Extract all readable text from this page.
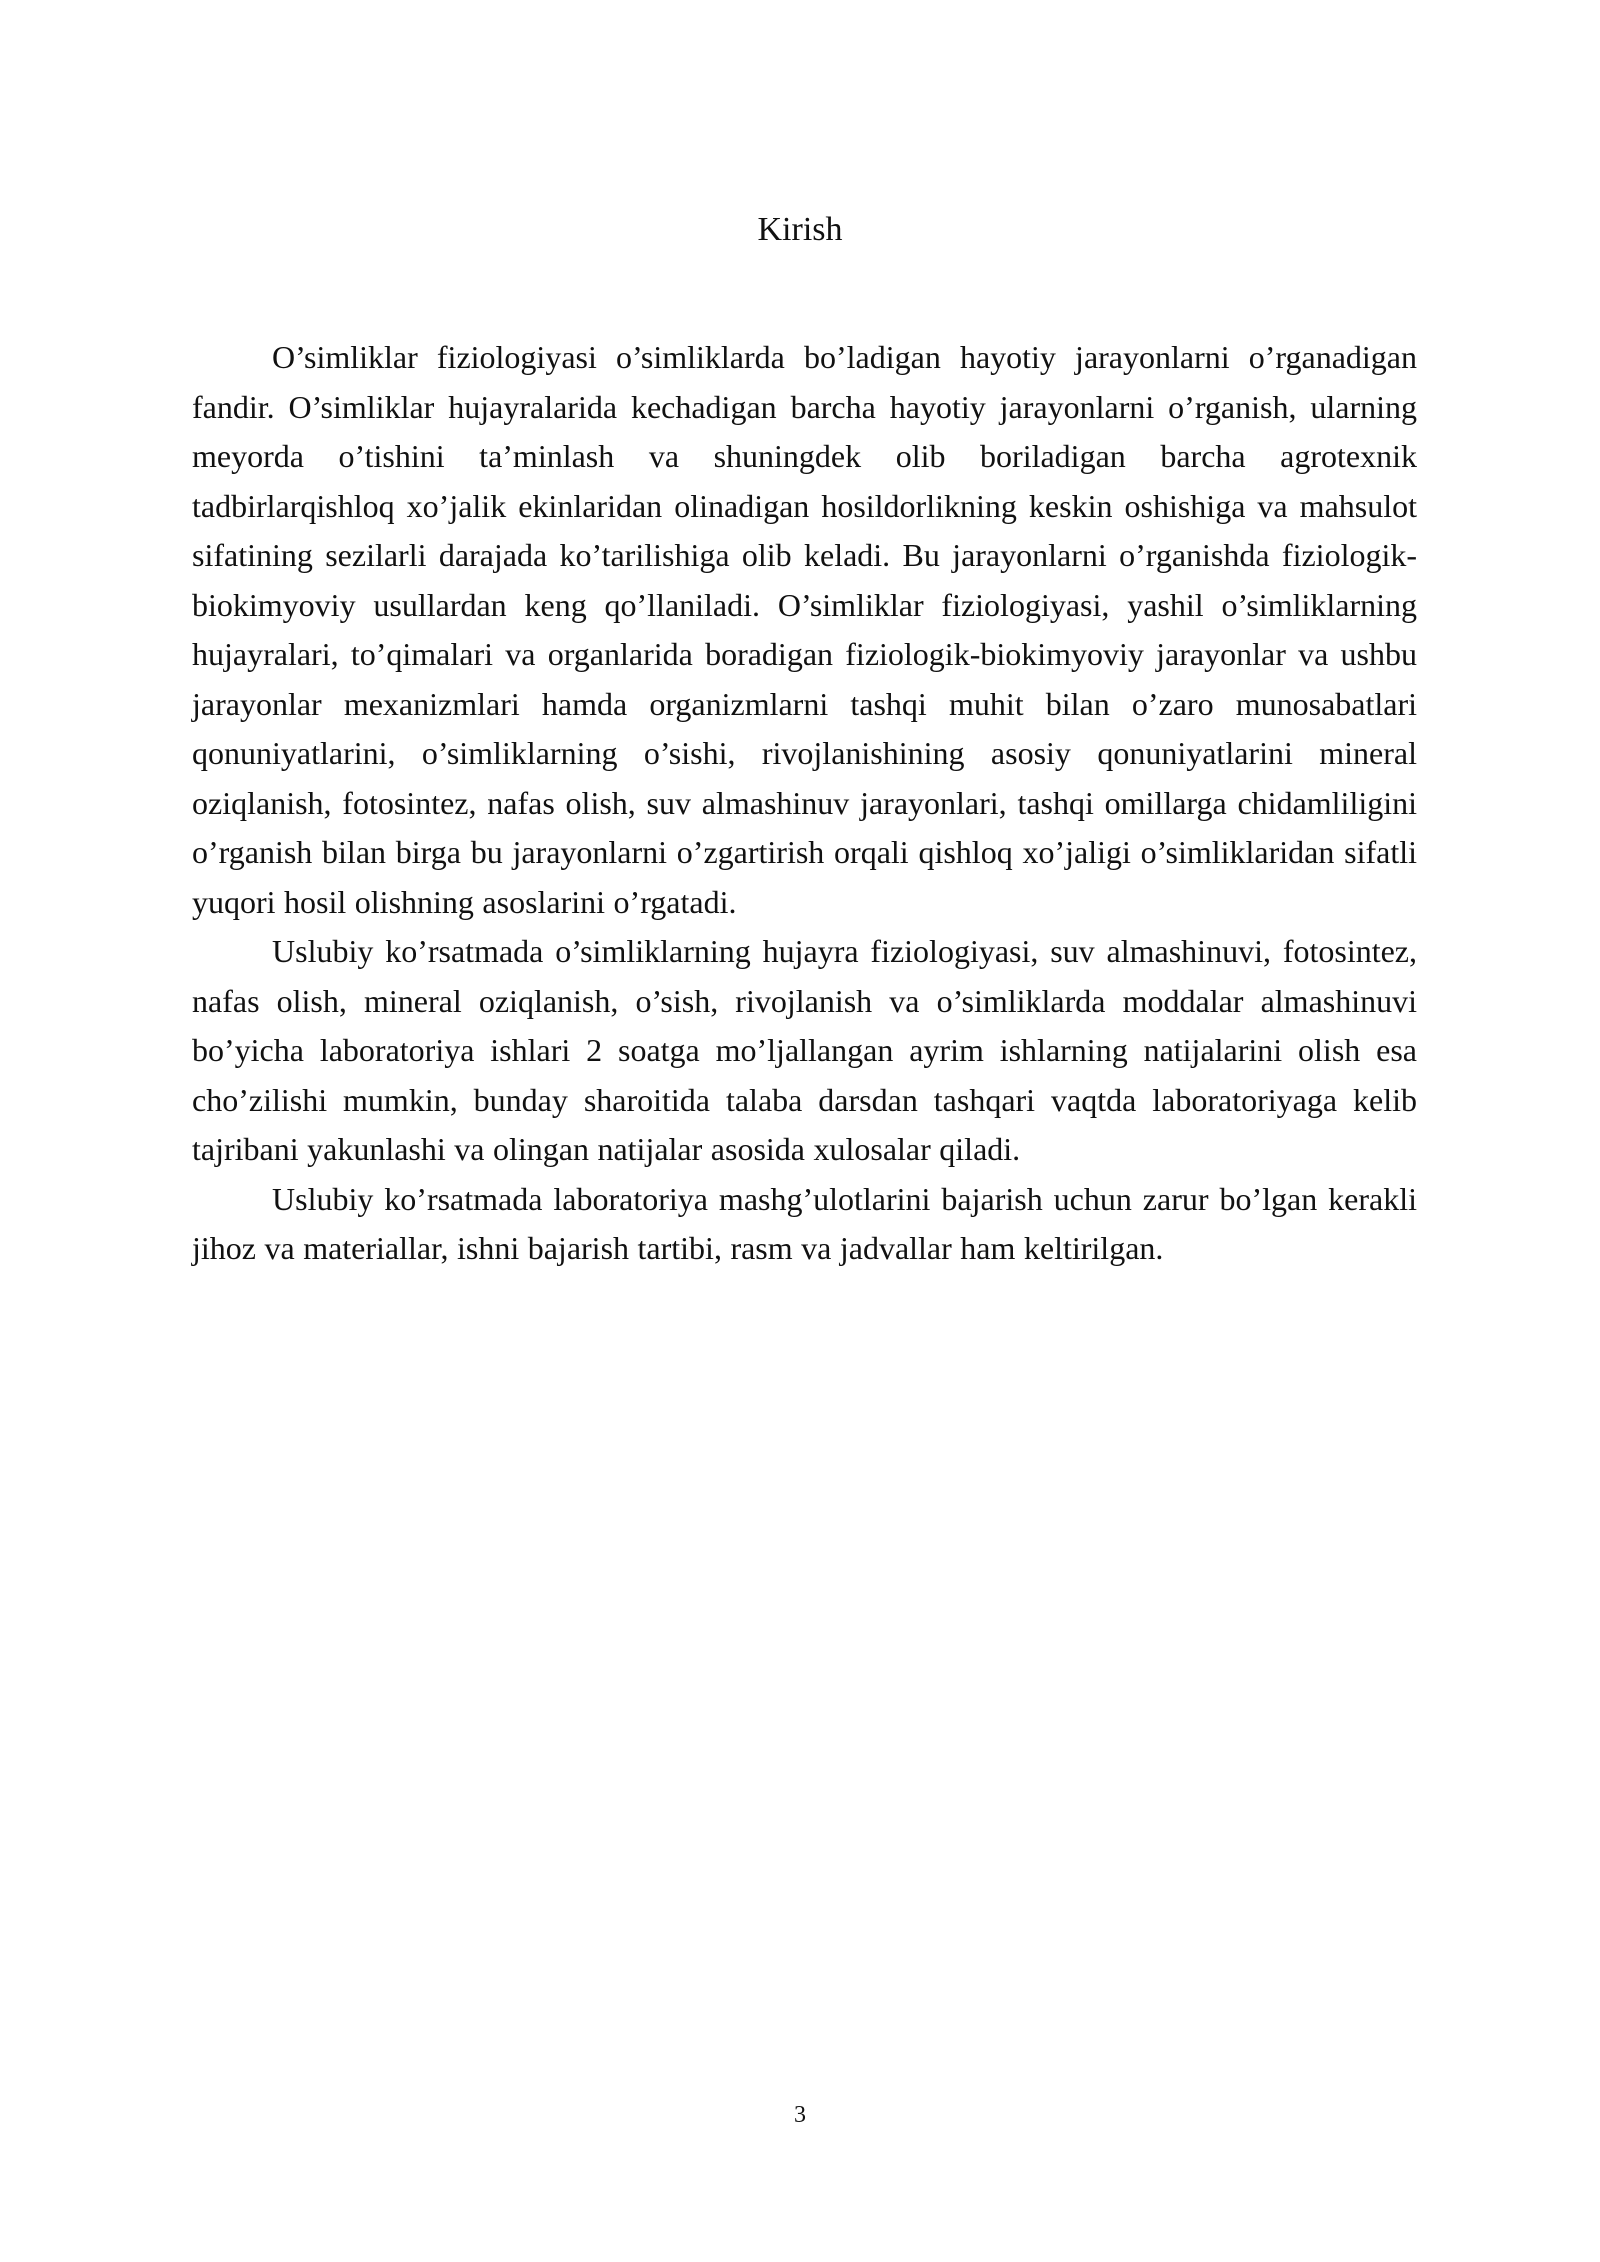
Kirish

O’simliklar fiziologiyasi o’simliklarda bo’ladigan hayotiy jarayonlarni o’rganadigan fandir. O’simliklar hujayralarida kechadigan barcha hayotiy jarayonlarni o’rganish, ularning meyorda o’tishini ta’minlash va shuningdek olib boriladigan barcha agrotexnik tadbirlarqishloq xo’jalik ekinlaridan olinadigan hosildorlikning keskin oshishiga va mahsulot sifatining sezilarli darajada ko’tarilishiga olib keladi. Bu jarayonlarni o’rganishda fiziologik-biokimyoviy usullardan keng qo’llaniladi. O’simliklar fiziologiyasi, yashil o’simliklarning hujayralari, to’qimalari va organlarida boradigan fiziologik-biokimyoviy jarayonlar va ushbu jarayonlar mexanizmlari hamda organizmlarni tashqi muhit bilan o’zaro munosabatlari qonuniyatlarini, o’simliklarning o’sishi, rivojlanishining asosiy qonuniyatlarini mineral oziqlanish, fotosintez, nafas olish, suv almashinuv jarayonlari, tashqi omillarga chidamliligini o’rganish bilan birga bu jarayonlarni o’zgartirish orqali qishloq xo’jaligi o’simliklaridan sifatli yuqori hosil olishning asoslarini o’rgatadi.

Uslubiy ko’rsatmada o’simliklarning hujayra fiziologiyasi, suv almashinuvi, fotosintez, nafas olish, mineral oziqlanish, o’sish, rivojlanish va o’simliklarda moddalar almashinuvi bo’yicha laboratoriya ishlari 2 soatga mo’ljallangan ayrim ishlarning natijalarini olish esa cho’zilishi mumkin, bunday sharoitida talaba darsdan tashqari vaqtda laboratoriyaga kelib tajribani yakunlashi va olingan natijalar asosida xulosalar qiladi.

Uslubiy ko’rsatmada laboratoriya mashg’ulotlarini bajarish uchun zarur bo’lgan kerakli jihoz va materiallar, ishni bajarish tartibi, rasm va jadvallar ham keltirilgan.

3
